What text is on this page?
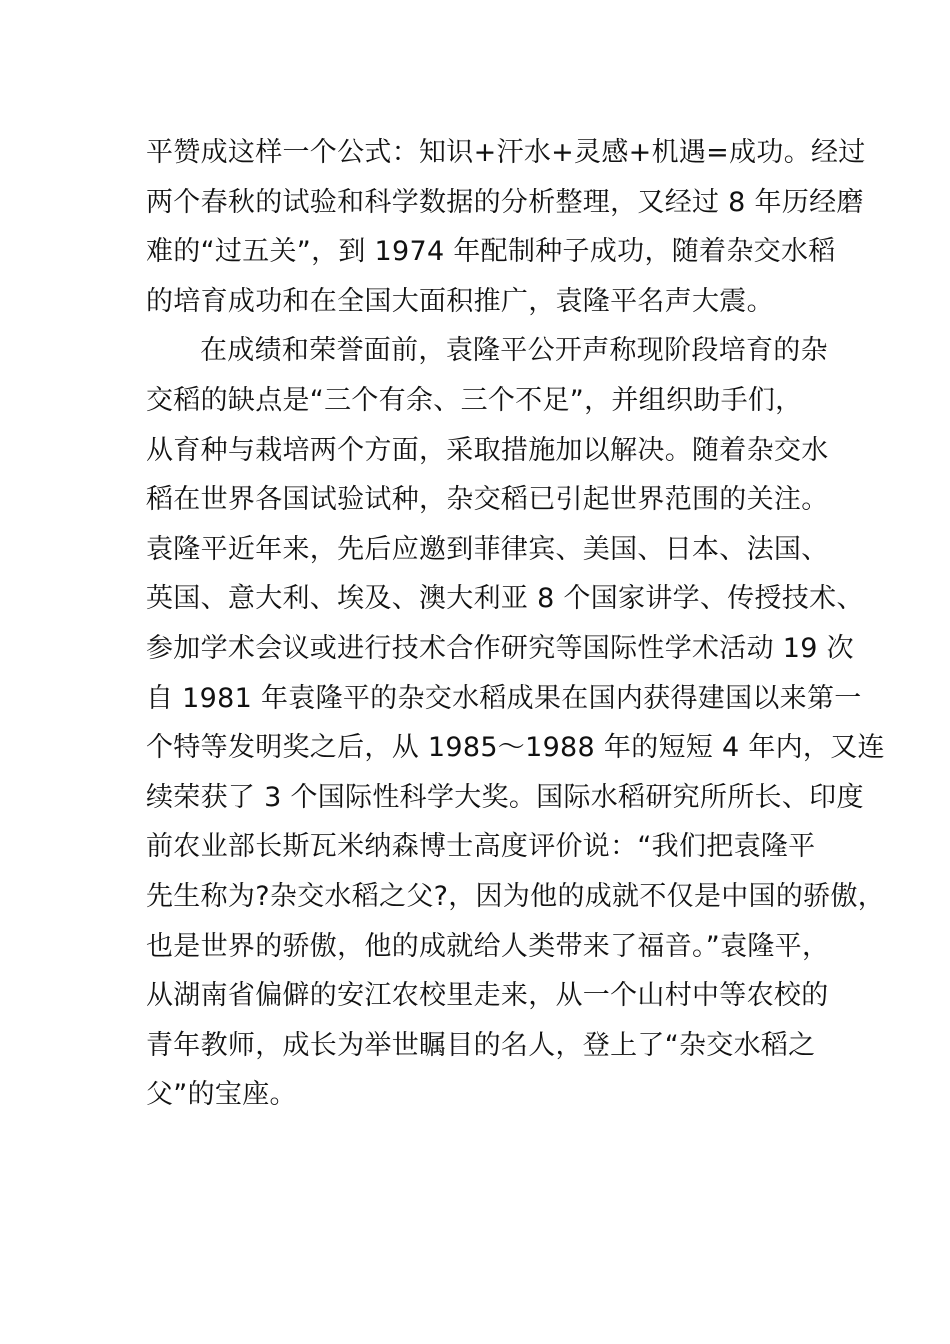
平赞成这样一个公式：知识+汗水+灵感+机遇=成功。经过
两个春秋的试验和科学数据的分析整理，又经过 8 年历经磨
难的“过五关”，到 1974 年配制种子成功，随着杂交水稻
的培育成功和在全国大面积推广，袁隆平名声大震。
在成绩和荣誉面前，袁隆平公开声称现阶段培育的杂
交稻的缺点是“三个有余、三个不足”，并组织助手们，
从育种与栽培两个方面，采取措施加以解决。随着杂交水
稻在世界各国试验试种，杂交稻已引起世界范围的关注。
袁隆平近年来，先后应邀到菲律宾、美国、日本、法国、
英国、意大利、埃及、澳大利亚 8 个国家讲学、传授技术、
参加学术会议或进行技术合作研究等国际性学术活动 19 次
自 1981 年袁隆平的杂交水稻成果在国内获得建国以来第一
个特等发明奖之后，从 1985～1988 年的短短 4 年内，又连
续荣获了 3 个国际性科学大奖。国际水稻研究所所长、印度
前农业部长斯瓦米纳森博士高度评价说：“我们把袁隆平
先生称为?杂交水稻之父?，因为他的成就不仅是中国的骄傲，
也是世界的骄傲，他的成就给人类带来了福音。”袁隆平，
从湖南省偏僻的安江农校里走来，从一个山村中等农校的
青年教师，成长为举世瞩目的名人，登上了“杂交水稻之
父”的宝座。
